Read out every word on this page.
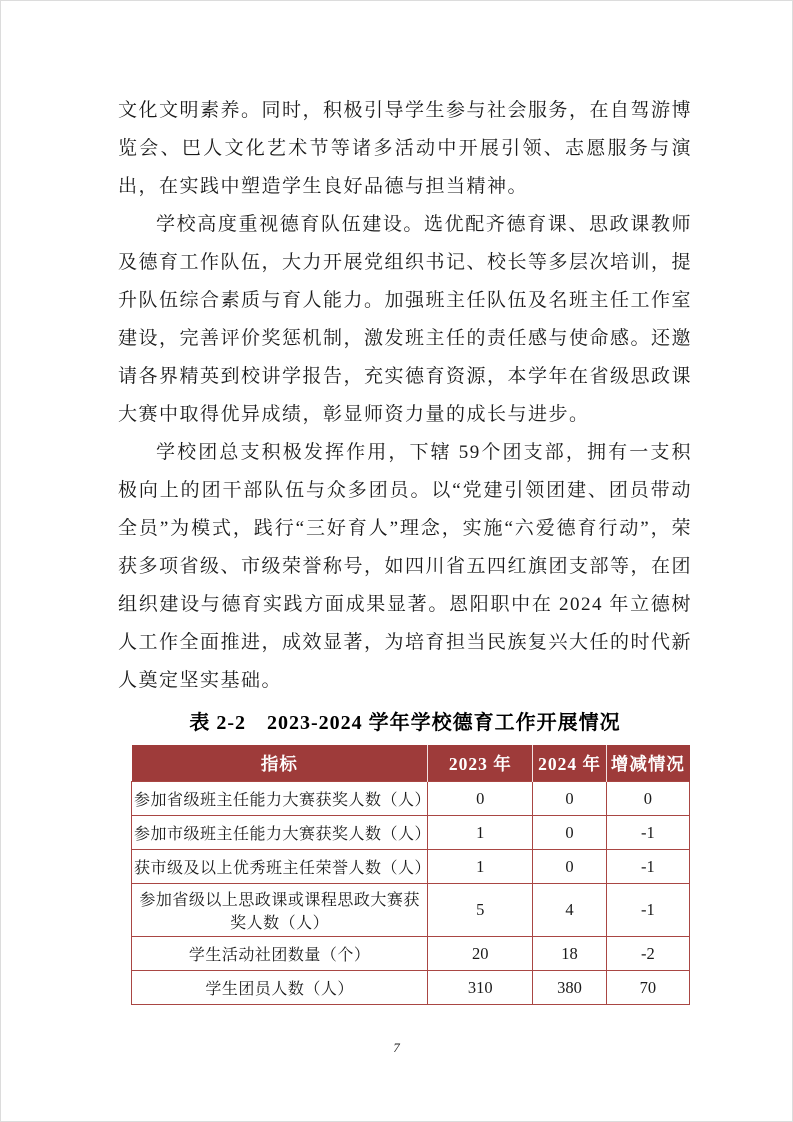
文化文明素养。同时，积极引导学生参与社会服务，在自驾游博览会、巴人文化艺术节等诸多活动中开展引领、志愿服务与演出，在实践中塑造学生良好品德与担当精神。

学校高度重视德育队伍建设。选优配齐德育课、思政课教师及德育工作队伍，大力开展党组织书记、校长等多层次培训，提升队伍综合素质与育人能力。加强班主任队伍及名班主任工作室建设，完善评价奖惩机制，激发班主任的责任感与使命感。还邀请各界精英到校讲学报告，充实德育资源，本学年在省级思政课大赛中取得优异成绩，彰显师资力量的成长与进步。

学校团总支积极发挥作用，下辖 59个团支部，拥有一支积极向上的团干部队伍与众多团员。以“党建引领团建、团员带动全员”为模式，践行“三好育人”理念，实施“六爱德育行动”，荣获多项省级、市级荣誉称号，如四川省五四红旗团支部等，在团组织建设与德育实践方面成果显著。恩阳职中在 2024 年立德树人工作全面推进，成效显著，为培育担当民族复兴大任的时代新人奠定坚实基础。

表 2-2　2023-2024 学年学校德育工作开展情况
指标	2023 年	2024 年	增减情况
参加省级班主任能力大赛获奖人数（人）	0	0	0
参加市级班主任能力大赛获奖人数（人）	1	0	-1
获市级及以上优秀班主任荣誉人数（人）	1	0	-1
参加省级以上思政课或课程思政大赛获奖人数（人）	5	4	-1
学生活动社团数量（个）	20	18	-2
学生团员人数（人）	310	380	70
7
